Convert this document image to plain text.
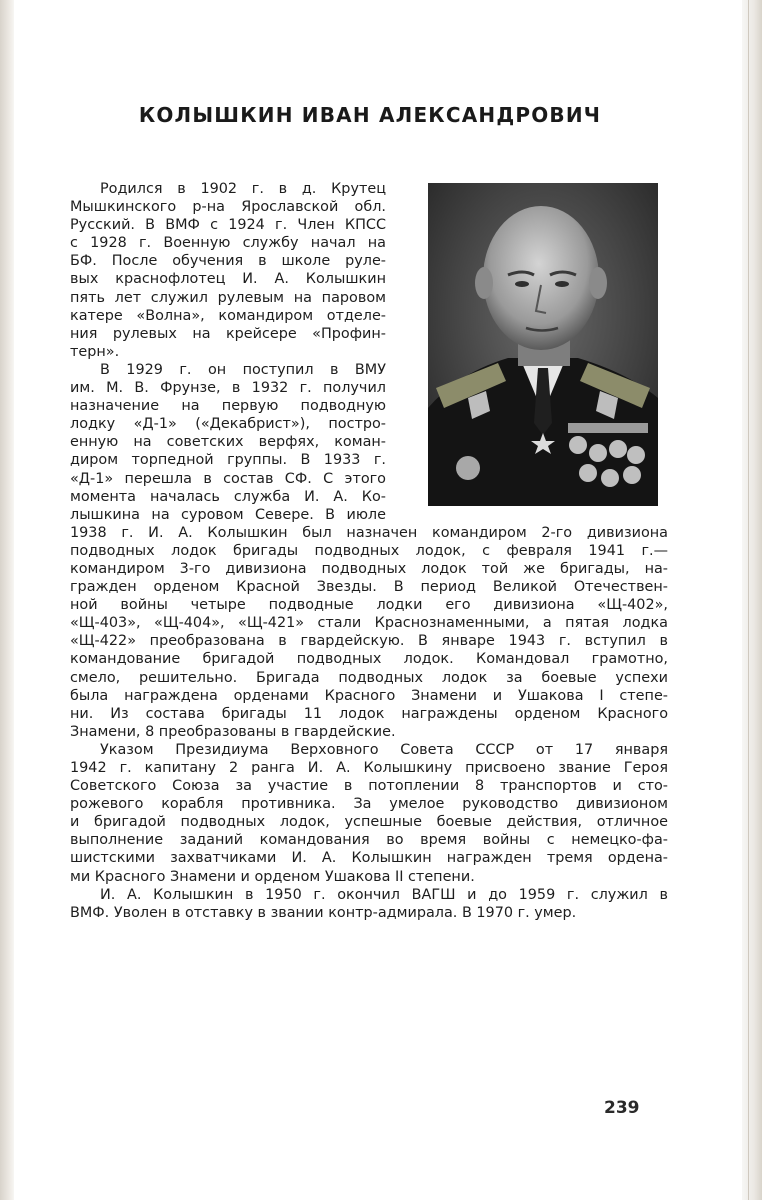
КОЛЫШКИН ИВАН АЛЕКСАНДРОВИЧ
Родился в 1902 г. в д. Крутец
Мышкинского р-на Ярославской обл.
Русский. В ВМФ с 1924 г. Член КПСС
с 1928 г. Военную службу начал на
БФ. После обучения в школе руле-
вых краснофлотец И. А. Колышкин
пять лет служил рулевым на паровом
катере «Волна», командиром отделе-
ния рулевых на крейсере «Профин-
терн».
В 1929 г. он поступил в ВМУ
им. М. В. Фрунзе, в 1932 г. получил
назначение на первую подводную
лодку «Д-1» («Декабрист»), постро-
енную на советских верфях, коман-
диром торпедной группы. В 1933 г.
«Д-1» перешла в состав СФ. С этого
момента началась служба И. А. Ко-
лышкина на суровом Севере. В июле
1938 г. И. А. Колышкин был назначен командиром 2-го дивизиона
подводных лодок бригады подводных лодок, с февраля 1941 г.—
командиром 3-го дивизиона подводных лодок той же бригады, на-
гражден орденом Красной Звезды. В период Великой Отечествен-
ной войны четыре подводные лодки его дивизиона «Щ-402»,
«Щ-403», «Щ-404», «Щ-421» стали Краснознаменными, а пятая лодка
«Щ-422» преобразована в гвардейскую. В январе 1943 г. вступил в
командование бригадой подводных лодок. Командовал грамотно,
смело, решительно. Бригада подводных лодок за боевые успехи
была награждена орденами Красного Знамени и Ушакова I степе-
ни. Из состава бригады 11 лодок награждены орденом Красного
Знамени, 8 преобразованы в гвардейские.
Указом Президиума Верховного Совета СССР от 17 января
1942 г. капитану 2 ранга И. А. Колышкину присвоено звание Героя
Советского Союза за участие в потоплении 8 транспортов и сто-
рожевого корабля противника. За умелое руководство дивизионом
и бригадой подводных лодок, успешные боевые действия, отличное
выполнение заданий командования во время войны с немецко-фа-
шистскими захватчиками И. А. Колышкин награжден тремя ордена-
ми Красного Знамени и орденом Ушакова II степени.
И. А. Колышкин в 1950 г. окончил ВАГШ и до 1959 г. служил в
ВМФ. Уволен в отставку в звании контр-адмирала. В 1970 г. умер.
239
